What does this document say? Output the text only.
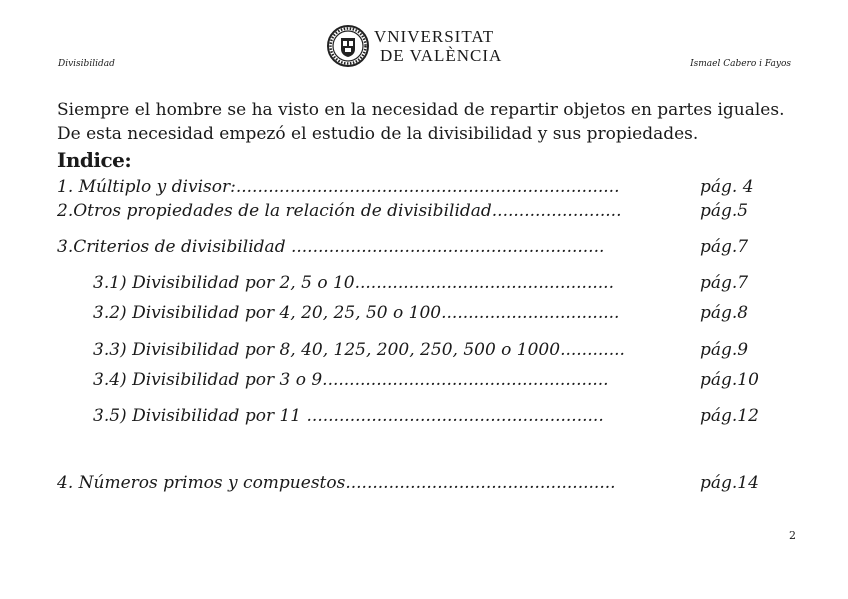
Divisibilidad
VNIVERSITAT
DE VALÈNCIA	Ismael Cabero i Fayos
Siempre el hombre se ha visto en la necesidad de repartir objetos en partes iguales.
De esta necesidad empezó el estudio de la divisibilidad y sus propiedades.
Indice:
1. Múltiplo y divisor:.......................................................................	pág. 4
2.Otros propiedades de la relación de divisibilidad........................	pág.5
3.Criterios de divisibilidad ..........................................................	pág.7
3.1) Divisibilidad por 2, 5 o 10................................................	pág.7
3.2) Divisibilidad por 4, 20, 25, 50 o 100.................................	pág.8
3.3) Divisibilidad por 8, 40, 125, 200, 250, 500 o 1000............	pág.9
3.4) Divisibilidad por 3 o 9.....................................................	pág.10
3.5) Divisibilidad por 11 .......................................................	pág.12
4. Números primos y compuestos..................................................	pág.14
2
